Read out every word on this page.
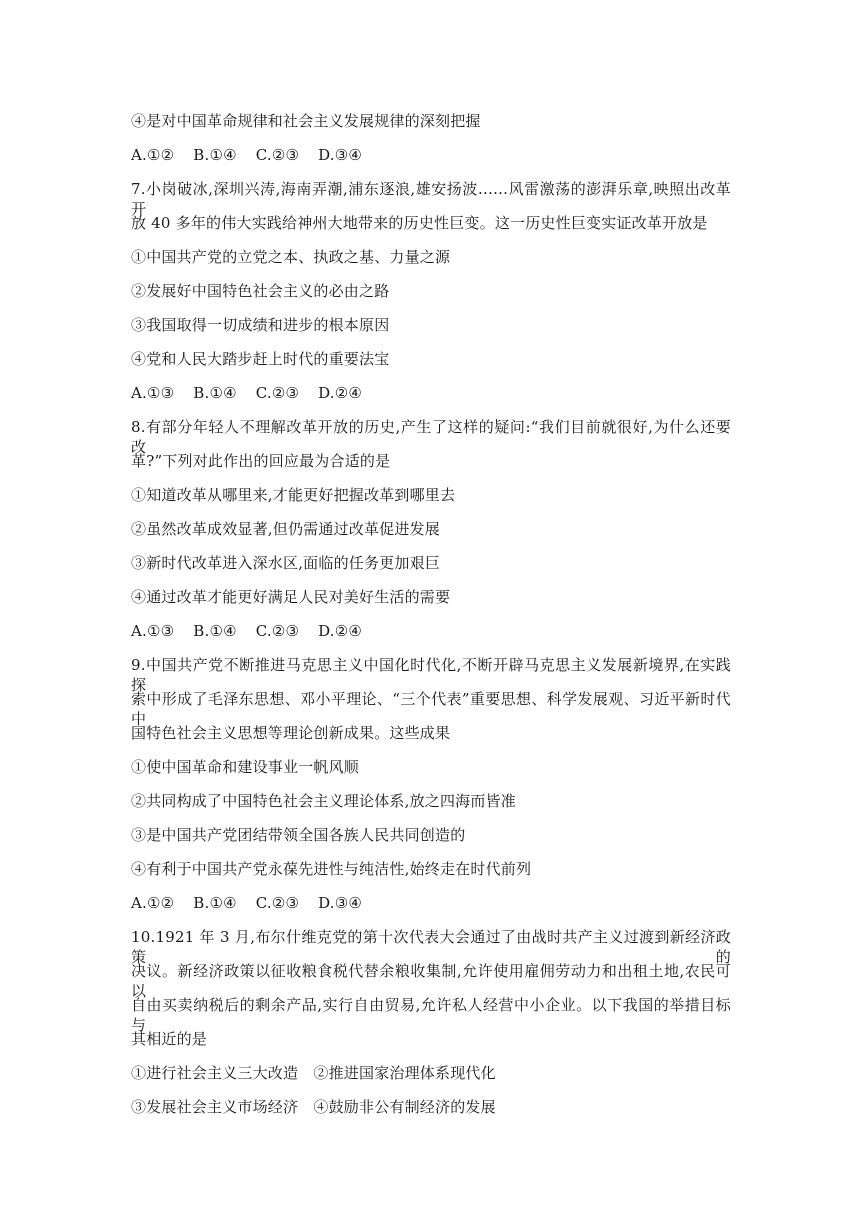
④是对中国革命规律和社会主义发展规律的深刻把握
A.①② B.①④ C.②③ D.③④
7.小岗破冰,深圳兴涛,海南弄潮,浦东逐浪,雄安扬波……风雷激荡的澎湃乐章,映照出改革开
放 40 多年的伟大实践给神州大地带来的历史性巨变。这一历史性巨变实证改革开放是
①中国共产党的立党之本、执政之基、力量之源
②发展好中国特色社会主义的必由之路
③我国取得一切成绩和进步的根本原因
④党和人民大踏步赶上时代的重要法宝
A.①③ B.①④ C.②③ D.②④
8.有部分年轻人不理解改革开放的历史,产生了这样的疑问:“我们目前就很好,为什么还要改
革?”下列对此作出的回应最为合适的是
①知道改革从哪里来,才能更好把握改革到哪里去
②虽然改革成效显著,但仍需通过改革促进发展
③新时代改革进入深水区,面临的任务更加艰巨
④通过改革才能更好满足人民对美好生活的需要
A.①③ B.①④ C.②③ D.②④
9.中国共产党不断推进马克思主义中国化时代化,不断开辟马克思主义发展新境界,在实践探
索中形成了毛泽东思想、邓小平理论、“三个代表”重要思想、科学发展观、习近平新时代中
国特色社会主义思想等理论创新成果。这些成果
①使中国革命和建设事业一帆风顺
②共同构成了中国特色社会主义理论体系,放之四海而皆准
③是中国共产党团结带领全国各族人民共同创造的
④有利于中国共产党永葆先进性与纯洁性,始终走在时代前列
A.①② B.①④ C.②③ D.③④
10.1921 年 3 月,布尔什维克党的第十次代表大会通过了由战时共产主义过渡到新经济政策的
决议。新经济政策以征收粮食税代替余粮收集制,允许使用雇佣劳动力和出租土地,农民可以
自由买卖纳税后的剩余产品,实行自由贸易,允许私人经营中小企业。以下我国的举措目标与
其相近的是
①进行社会主义三大改造　②推进国家治理体系现代化
③发展社会主义市场经济　④鼓励非公有制经济的发展
